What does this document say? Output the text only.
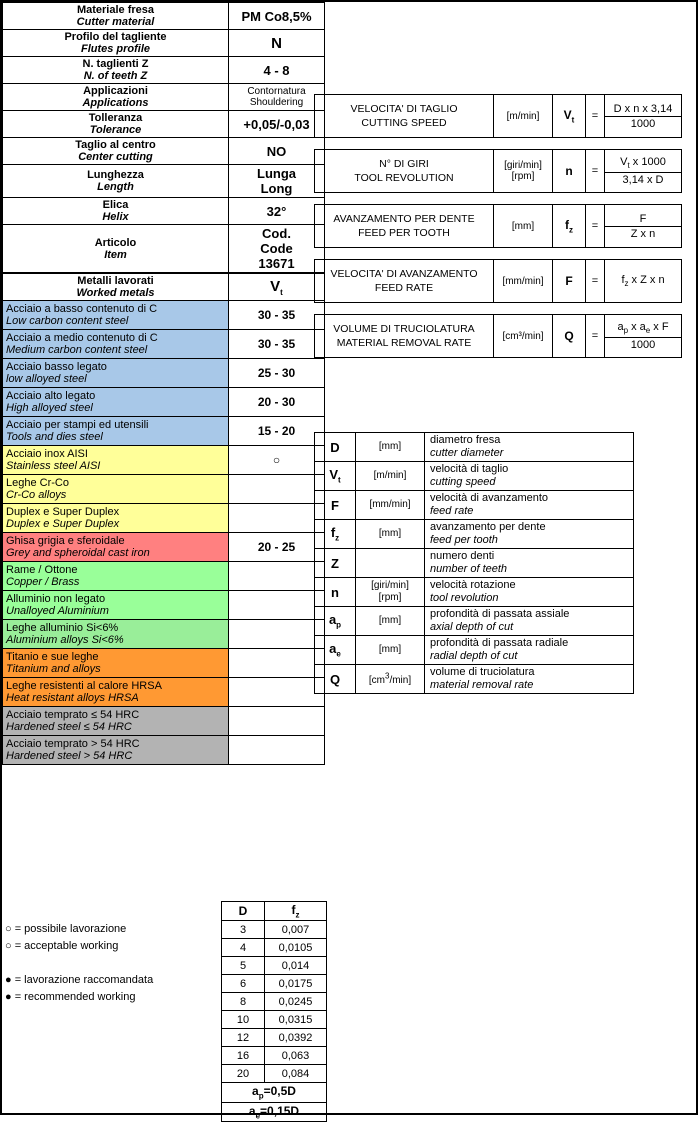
Materiale fresa
Cutter material	PM Co8,5%

Profilo del tagliente
Flutes profile	N

N. taglienti Z
N. of teeth Z	4 - 8

Applicazioni
Applications	Contornatura
Shouldering

Tolleranza
Tolerance	+0,05/-0,03

Taglio al centro
Center cutting	NO

Lunghezza
Length	Lunga
Long

Elica
Helix	32°

Articolo
Item	Cod.
Code
13671
Metalli lavorati
Worked metals	$V_t$
Acciaio a basso contenuto di C
Low carbon content steel	30 - 35
Acciaio a medio contenuto di C
Medium carbon content steel	30 - 35
Acciaio basso legato
low alloyed steel	25 - 30
Acciaio alto legato
High alloyed steel	20 - 30
Acciaio per stampi ed utensili
Tools and dies steel	15 - 20
Acciaio inox AISI
Stainless steel AISI	○
Leghe Cr-Co
Cr-Co alloys	

Duplex e Super Duplex
Duplex e Super Duplex	

Ghisa grigia e sferoidale
Grey and spheroidal cast iron	20 - 25
Rame / Ottone
Copper / Brass	

Alluminio non legato
Unalloyed Aluminium	

Leghe alluminio Si<6%
Aluminium alloys Si<6%	

Titanio e sue leghe
Titanium and alloys	

Leghe resistenti al calore HRSA
Heat resistant alloys HRSA	

Acciaio temprato ≤ 54 HRC
Hardened steel ≤ 54 HRC	

Acciaio temprato > 54 HRC
Hardened steel > 54 HRC	

○ = possibile lavorazione
○ = acceptable working
● = lavorazione raccomandata
● = recommended working
D	$f_z$
3	0,007
4	0,0105
5	0,014
6	0,0175
8	0,0245
10	0,0315
12	0,0392
16	0,063
20	0,084
$a_p=0,5D$	
$a_e=0,15D$	
VELOCITA' DI TAGLIO
CUTTING SPEED	[m/min]	$V_t$	=	D x n x 3,14
1000

N° DI GIRI
TOOL REVOLUTION	[giri/min]
[rpm]	n	=	$V_t$ x 1000
3,14 x D

AVANZAMENTO PER DENTE
FEED PER TOOTH	[mm]	$f_z$	=	F
Z x n

VELOCITA' DI AVANZAMENTO
FEED RATE	[mm/min]	F	=	$f_z$ x Z x n

VOLUME DI TRUCIOLATURA
MATERIAL REMOVAL RATE	[cm³/min]	Q	=	$a_p$ x $a_e$ x F
1000
D	[mm]	diametro fresa
cutter diameter

$V_t$	[m/min]	velocità di taglio
cutting speed

F	[mm/min]	velocità di avanzamento
feed rate

$f_z$	[mm]	avanzamento per dente
feed per tooth

Z		numero denti
number of teeth

n	[giri/min]
[rpm]	velocità rotazione
tool revolution

$a_p$	[mm]	profondità di passata assiale
axial depth of cut

$a_e$	[mm]	profondità di passata radiale
radial depth of cut

Q	$[cm^3/\min]$	volume di truciolatura
material removal rate
